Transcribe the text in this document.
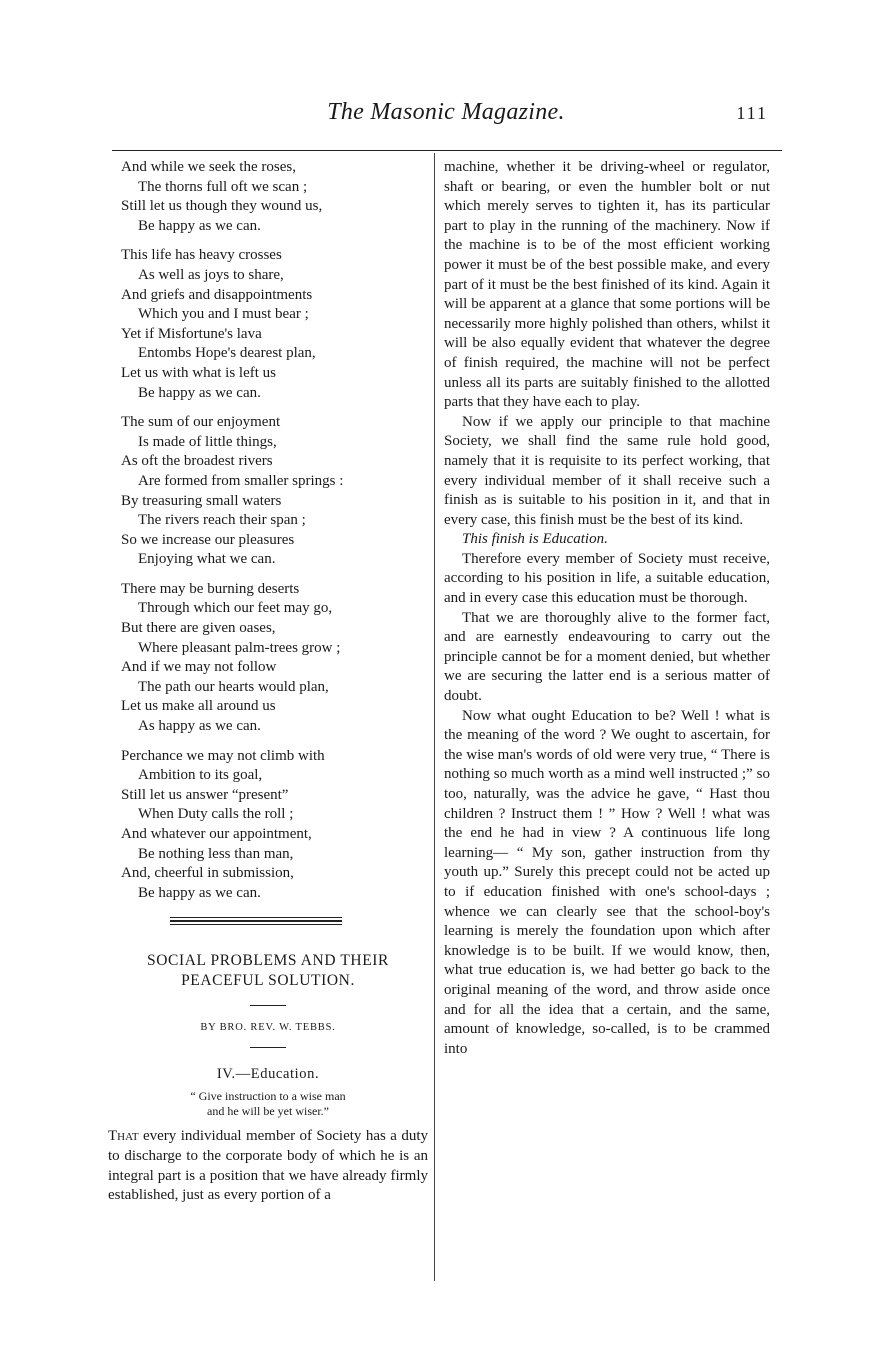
The Masonic Magazine.	111
And while we seek the roses,
The thorns full oft we scan ;
Still let us though they wound us,
Be happy as we can.
This life has heavy crosses
As well as joys to share,
And griefs and disappointments
Which you and I must bear ;
Yet if Misfortune's lava
Entombs Hope's dearest plan,
Let us with what is left us
Be happy as we can.
The sum of our enjoyment
Is made of little things,
As oft the broadest rivers
Are formed from smaller springs :
By treasuring small waters
The rivers reach their span ;
So we increase our pleasures
Enjoying what we can.
There may be burning deserts
Through which our feet may go,
But there are given oases,
Where pleasant palm-trees grow ;
And if we may not follow
The path our hearts would plan,
Let us make all around us
As happy as we can.
Perchance we may not climb with
Ambition to its goal,
Still let us answer “present”
When Duty calls the roll ;
And whatever our appointment,
Be nothing less than man,
And, cheerful in submission,
Be happy as we can.
SOCIAL PROBLEMS AND THEIR
PEACEFUL SOLUTION.
BY BRO. REV. W. TEBBS.
IV.—Education.
“ Give instruction to a wise man
and he will be yet wiser.”

That every individual member of Society has a duty to discharge to the corporate body of which he is an integral part is a position that we have already firmly established, just as every portion of a

machine, whether it be driving-wheel or regulator, shaft or bearing, or even the humbler bolt or nut which merely serves to tighten it, has its particular part to play in the running of the machinery. Now if the machine is to be of the most efficient working power it must be of the best possible make, and every part of it must be the best finished of its kind. Again it will be apparent at a glance that some portions will be necessarily more highly polished than others, whilst it will be also equally evident that whatever the degree of finish required, the machine will not be perfect unless all its parts are suitably finished to the allotted parts that they have each to play.

Now if we apply our principle to that machine Society, we shall find the same rule hold good, namely that it is requisite to its perfect working, that every individual member of it shall receive such a finish as is suitable to his position in it, and that in every case, this finish must be the best of its kind.

This finish is Education.

Therefore every member of Society must receive, according to his position in life, a suitable education, and in every case this education must be thorough.

That we are thoroughly alive to the former fact, and are earnestly endeavouring to carry out the principle cannot be for a moment denied, but whether we are securing the latter end is a serious matter of doubt.

Now what ought Education to be? Well ! what is the meaning of the word ? We ought to ascertain, for the wise man's words of old were very true, “ There is nothing so much worth as a mind well instructed ;” so too, naturally, was the advice he gave, “ Hast thou children ? Instruct them ! ” How ? Well ! what was the end he had in view ? A continuous life long learning— “ My son, gather instruction from thy youth up.” Surely this precept could not be acted up to if education finished with one's school-days ; whence we can clearly see that the school-boy's learning is merely the foundation upon which after knowledge is to be built. If we would know, then, what true education is, we had better go back to the original meaning of the word, and throw aside once and for all the idea that a certain, and the same, amount of knowledge, so-called, is to be crammed into
